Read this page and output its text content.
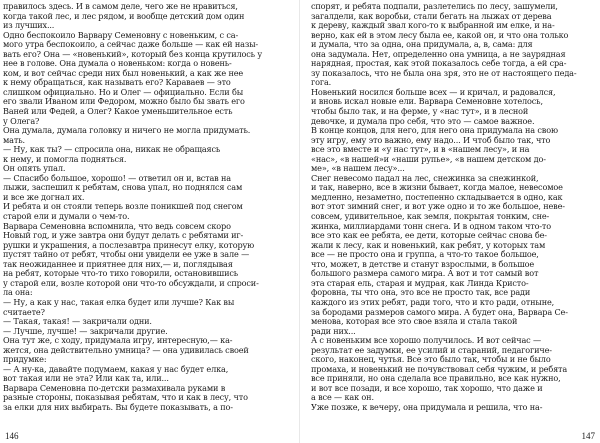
правилось здесь. И в самом деле, чего же не нравиться,

когда такой лес, и лес рядом, и вообще детский дом один

из лучших...

Одно беспокоило Варвару Семеновну с новеньким, с са-

мого утра беспокоило, а сейчас даже больше — как ей назы-

вать его? Она — «новенький», который без конца крутилось у

нее в голове. Она думала о новеньком: когда о новень-

ком, и вот сейчас среди них был новенький, а как же нее

к нему обращаться, как называть его? Караваев — это

слишком официально. Но и Олег — официально. Если бы

его звали Иваном или Федором, можно было бы звать его

Ваней или Федей, а Олег? Какое уменьшительное есть

у Олега?

Она думала, думала головку и ничего не могла придумать.

мать.

— Ну, как ты? — спросила она, никак не обращаясь

к нему, и помогла подняться.

Он опять упал.

— Спасибо большое, хорошо! — ответил он и, встав на

лыжи, заспешил к ребятам, снова упал, но поднялся сам

и все же догнал их.

И ребята и он стояли теперь возле поникшей под снегом

старой ели и думали о чем-то.

Варвара Семеновна вспомнила, что ведь совсем скоро

Новый год, и уже завтра они будут делать с ребятами иг-

рушки и украшения, а послезавтра принесут елку, которую

пустят тайно от ребят, чтобы они увидели ее уже в зале —

так неожиданнее и приятнее для них,— и, поглядывая

на ребят, которые что-то тихо говорили, остановившись

у старой ели, возле которой они что-то обсуждали, и спроси-

ла она:

— Ну, а как у нас, такая елка будет или лучше? Как вы

считаете?

— Такая, такая! — закричали одни.

— Лучше, лучше! — закричали другие.

Она тут же, с ходу, придумала игру, интересную,— ка-

жется, она действительно умница? — она удивилась своей

придумке:

— А ну-ка, давайте подумаем, какая у нас будет елка,

вот такая или не эта? Или как та, или...

Варвара Семеновна по-детски размахивала руками в

разные стороны, показывая ребятам, что и как в лесу, что

за елки для них выбирать. Вы будете показывать, а по-

146

спорят, и ребята подпали, разлетелись по лесу, зашумели,

загалдели, как воробьи, стали бегать на лыжах от дерева

к дереву, каждый звал кого-то к выбранной им елке, и на-

верно, как ей в этом лесу была ее, какой он, и что она только

и думала, что за одна, она придумала, а, в, сама: для

она задумала. Нет, определенно она умница, а не заурядная

нарядная, простая, как этой показалось себе тогда, а ей сра-

зу показалось, что не была она зря, это не от настоящего педа-

гога.

Новенький носился больше всех — и кричал, и радовался,

и вновь искал новые ели. Варвара Семеновне хотелось,

чтобы было так, и на ферме, у «нас тут», и в лесной

девочке, и думала про себя, что это — самое важное.

В конце концов, для него, для него она придумала на свою

эту игру, ему это важно, ему надо... И чтоб было так, что

все это вместе и «у нас тут», и в «нашем лесу», и на

«нас», «в нашей»и «наши рупье», «в нашем детском до-

ме», «в нашем лесу»...

Снег невесомо падал на лес, снежинка за снежинкой,

и так, наверно, все в жизни бывает, когда малое, невесомое

медленно, незаметно, постепенно складывается в одно, как

вот этот зимний снег, и вот уже одно и то же большое, неве-

совсем, удивительное, как земля, покрытая тонким, сне-

жинка, миллиардами тонн снега. И в одном таком что-то

все это как ее ребята, ее дети, которые сейчас снова бе-

жали к лесу, как и новенький, как ребят, у которых там

все — не просто она и группа, а что-то такое большое,

что, может, в детстве и станут взрослыми, в большое

большого размера самого мира. А вот и тот самый вот

эта старая ель, старая и мудрая, как Линда Кристо-

форовна, ты что она, это все не просто так, все ради

каждого из этих ребят, ради того, что и кто ради, отныне,

за бородами размеров самого мира. А будет она, Варвара Се-

менова, которая все это свое взяла и стала такой

ради них...

А с новеньким все хорошо получилось. И вот сейчас —

результат ее задумки, ее усилий и стараний, педагогиче-

ского, наконец, чутья. Все это было так, чтобы и не было

промаха, и новенький не почувствовал себя чужим, и ребята

все приняли, но она сделала все правильно, все как нужно,

и вот все позади, и все хорошо, так хорошо, что даже и

а все — как он.

Уже позже, к вечеру, она придумала и решила, что на-

147
